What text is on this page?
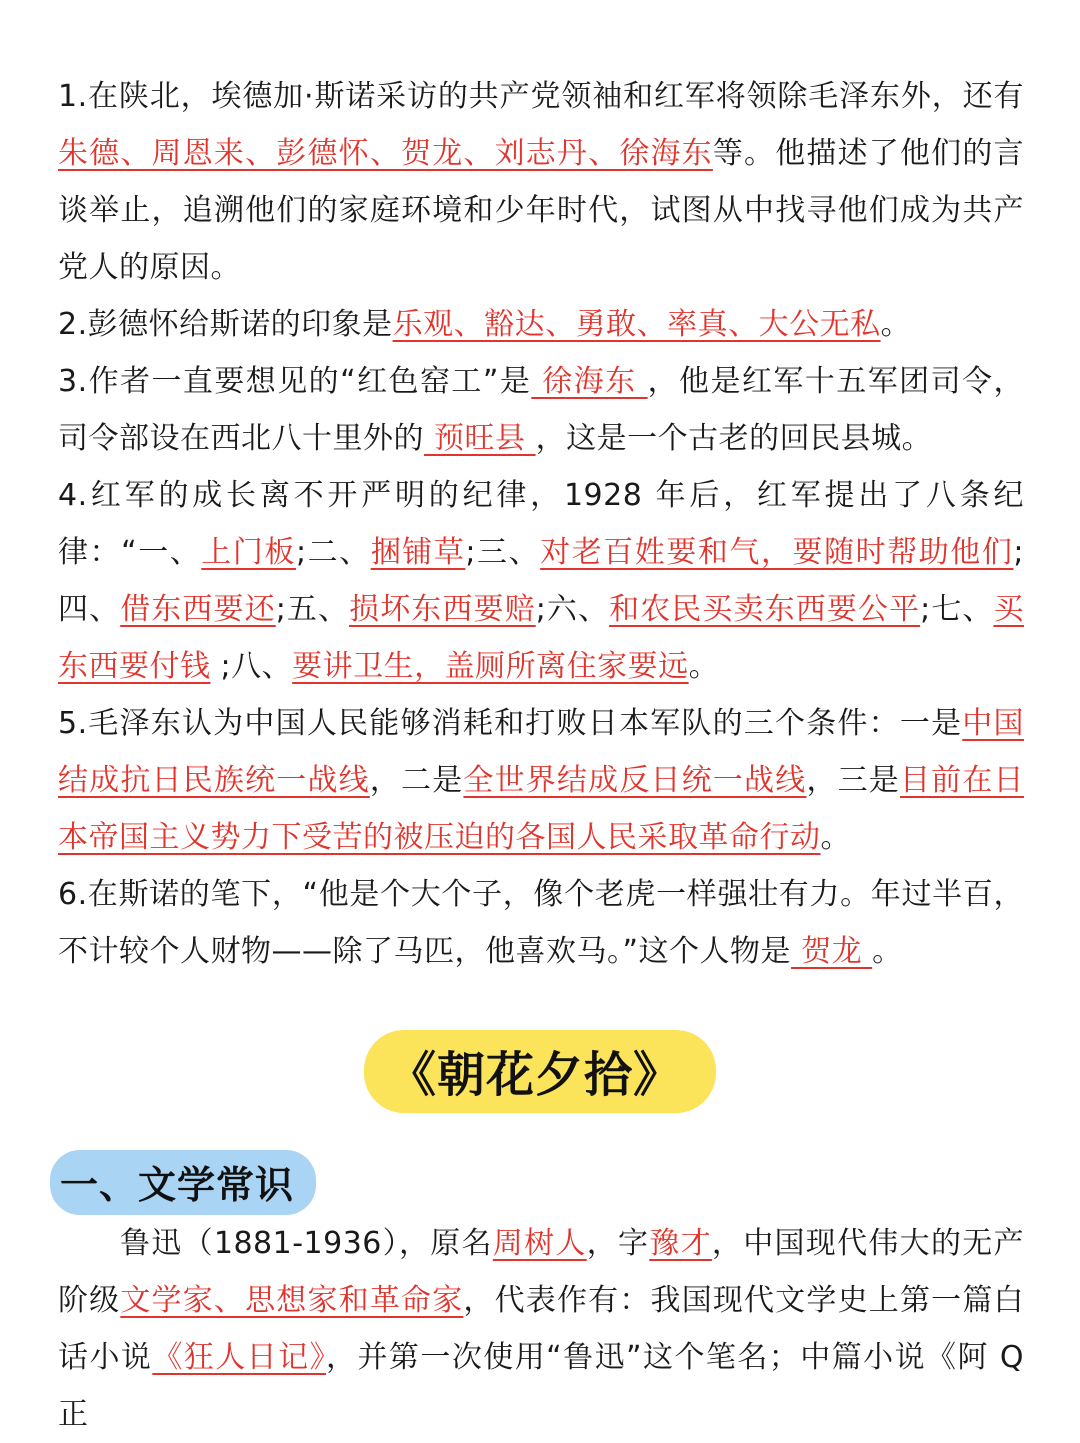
1.在陕北，埃德加·斯诺采访的共产党领袖和红军将领除毛泽东外，还有朱德、周恩来、彭德怀、贺龙、刘志丹、徐海东等。他描述了他们的言谈举止，追溯他们的家庭环境和少年时代，试图从中找寻他们成为共产党人的原因。

2.彭德怀给斯诺的印象是乐观、豁达、勇敢、率真、大公无私。

3.作者一直要想见的“红色窑工”是 徐海东 ，他是红军十五军团司令，司令部设在西北八十里外的 预旺县 ，这是一个古老的回民县城。

4.红军的成长离不开严明的纪律，1928 年后，红军提出了八条纪律：“一、上门板;二、捆铺草;三、对老百姓要和气，要随时帮助他们;四、借东西要还;五、损坏东西要赔;六、和农民买卖东西要公平;七、买东西要付钱 ;八、要讲卫生，盖厕所离住家要远。

5.毛泽东认为中国人民能够消耗和打败日本军队的三个条件：一是中国结成抗日民族统一战线，二是全世界结成反日统一战线，三是目前在日本帝国主义势力下受苦的被压迫的各国人民采取革命行动。

6.在斯诺的笔下，“他是个大个子，像个老虎一样强壮有力。年过半百，不计较个人财物——除了马匹，他喜欢马。”这个人物是 贺龙 。

《朝花夕拾》
一、文学常识

鲁迅（1881-1936），原名周树人，字豫才，中国现代伟大的无产阶级文学家、思想家和革命家，代表作有：我国现代文学史上第一篇白话小说《狂人日记》，并第一次使用“鲁迅”这个笔名；中篇小说《阿 Q 正
